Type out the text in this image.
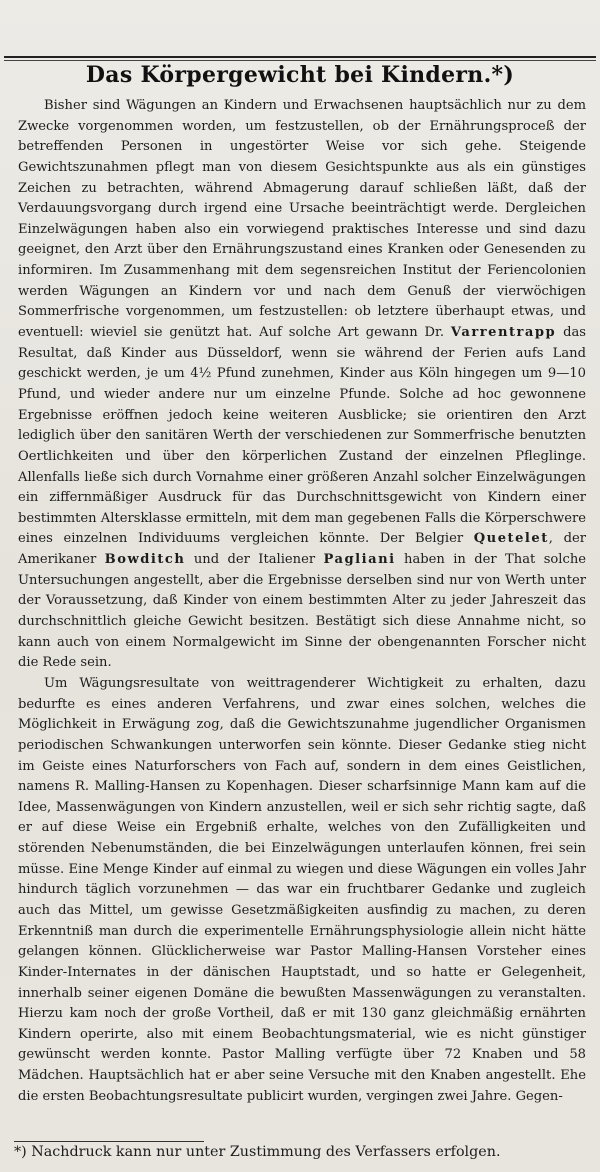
Das Körpergewicht bei Kindern.*)

Bisher sind Wägungen an Kindern und Erwachsenen hauptsächlich nur zu dem Zwecke vorgenommen worden, um festzustellen, ob der Ernährungsproceß der betreffenden Personen in ungestörter Weise vor sich gehe. Steigende Gewichtszunahmen pflegt man von diesem Gesichtspunkte aus als ein günstiges Zeichen zu betrachten, während Abmagerung darauf schließen läßt, daß der Verdauungsvorgang durch irgend eine Ursache beeinträchtigt werde. Dergleichen Einzelwägungen haben also ein vorwiegend praktisches Interesse und sind dazu geeignet, den Arzt über den Ernährungszustand eines Kranken oder Genesenden zu informiren. Im Zusammenhang mit dem segensreichen Institut der Feriencolonien werden Wägungen an Kindern vor und nach dem Genuß der vierwöchigen Sommerfrische vorgenommen, um festzustellen: ob letztere überhaupt etwas, und eventuell: wieviel sie genützt hat. Auf solche Art gewann Dr. Varrentrapp das Resultat, daß Kinder aus Düsseldorf, wenn sie während der Ferien aufs Land geschickt werden, je um 4½ Pfund zunehmen, Kinder aus Köln hingegen um 9—10 Pfund, und wieder andere nur um einzelne Pfunde. Solche ad hoc gewonnene Ergebnisse eröffnen jedoch keine weiteren Ausblicke; sie orientiren den Arzt lediglich über den sanitären Werth der verschiedenen zur Sommerfrische benutzten Oertlichkeiten und über den körperlichen Zustand der einzelnen Pfleglinge. Allenfalls ließe sich durch Vornahme einer größeren Anzahl solcher Einzelwägungen ein ziffernmäßiger Ausdruck für das Durchschnittsgewicht von Kindern einer bestimmten Altersklasse ermitteln, mit dem man gegebenen Falls die Körperschwere eines einzelnen Individuums vergleichen könnte. Der Belgier Quetelet, der Amerikaner Bowditch und der Italiener Pagliani haben in der That solche Untersuchungen angestellt, aber die Ergebnisse derselben sind nur von Werth unter der Voraussetzung, daß Kinder von einem bestimmten Alter zu jeder Jahreszeit das durchschnittlich gleiche Gewicht besitzen. Bestätigt sich diese Annahme nicht, so kann auch von einem Normalgewicht im Sinne der obengenannten Forscher nicht die Rede sein.

Um Wägungsresultate von weittragenderer Wichtigkeit zu erhalten, dazu bedurfte es eines anderen Verfahrens, und zwar eines solchen, welches die Möglichkeit in Erwägung zog, daß die Gewichtszunahme jugendlicher Organismen periodischen Schwankungen unterworfen sein könnte. Dieser Gedanke stieg nicht im Geiste eines Naturforschers von Fach auf, sondern in dem eines Geistlichen, namens R. Malling-Hansen zu Kopenhagen. Dieser scharfsinnige Mann kam auf die Idee, Massenwägungen von Kindern anzustellen, weil er sich sehr richtig sagte, daß er auf diese Weise ein Ergebniß erhalte, welches von den Zufälligkeiten und störenden Nebenumständen, die bei Einzelwägungen unterlaufen können, frei sein müsse. Eine Menge Kinder auf einmal zu wiegen und diese Wägungen ein volles Jahr hindurch täglich vorzunehmen — das war ein fruchtbarer Gedanke und zugleich auch das Mittel, um gewisse Gesetzmäßigkeiten ausfindig zu machen, zu deren Erkenntniß man durch die experimentelle Ernährungsphysiologie allein nicht hätte gelangen können. Glücklicherweise war Pastor Malling-Hansen Vorsteher eines Kinder-Internates in der dänischen Hauptstadt, und so hatte er Gelegenheit, innerhalb seiner eigenen Domäne die bewußten Massenwägungen zu veranstalten. Hierzu kam noch der große Vortheil, daß er mit 130 ganz gleichmäßig ernährten Kindern operirte, also mit einem Beobachtungsmaterial, wie es nicht günstiger gewünscht werden konnte. Pastor Malling verfügte über 72 Knaben und 58 Mädchen. Hauptsächlich hat er aber seine Versuche mit den Knaben angestellt. Ehe die ersten Beobachtungsresultate publicirt wurden, vergingen zwei Jahre. Gegen-

*) Nachdruck kann nur unter Zustimmung des Verfassers erfolgen.
